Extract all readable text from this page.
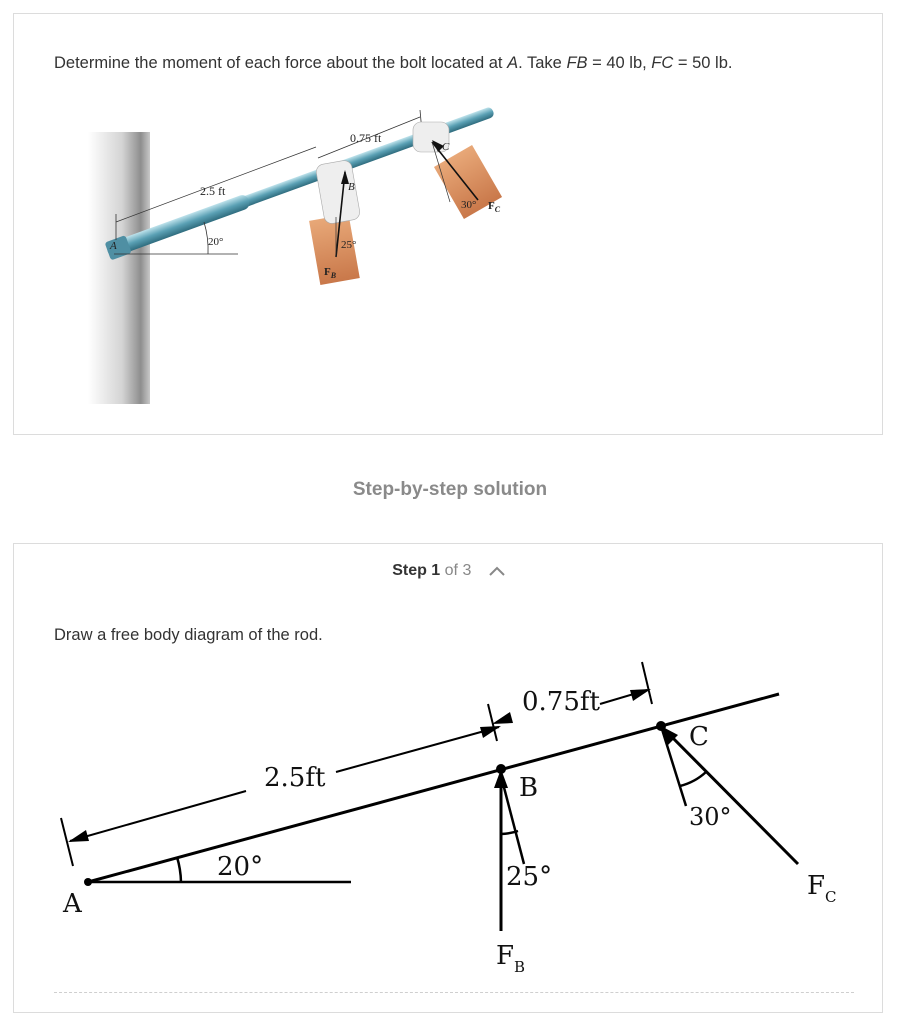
Determine the moment of each force about the bolt located at A. Take FB = 40 lb, FC = 50 lb.
2.5 ft
0.75 ft
20°
A
B
25°
$F_B$
C
30° $F_C$
Step-by-step solution
Step 1 of 3
Draw a free body diagram of the rod.
20°
A
2.5ft
0.75ft
B
25°
$F_B$
C
30°
$F_C$
